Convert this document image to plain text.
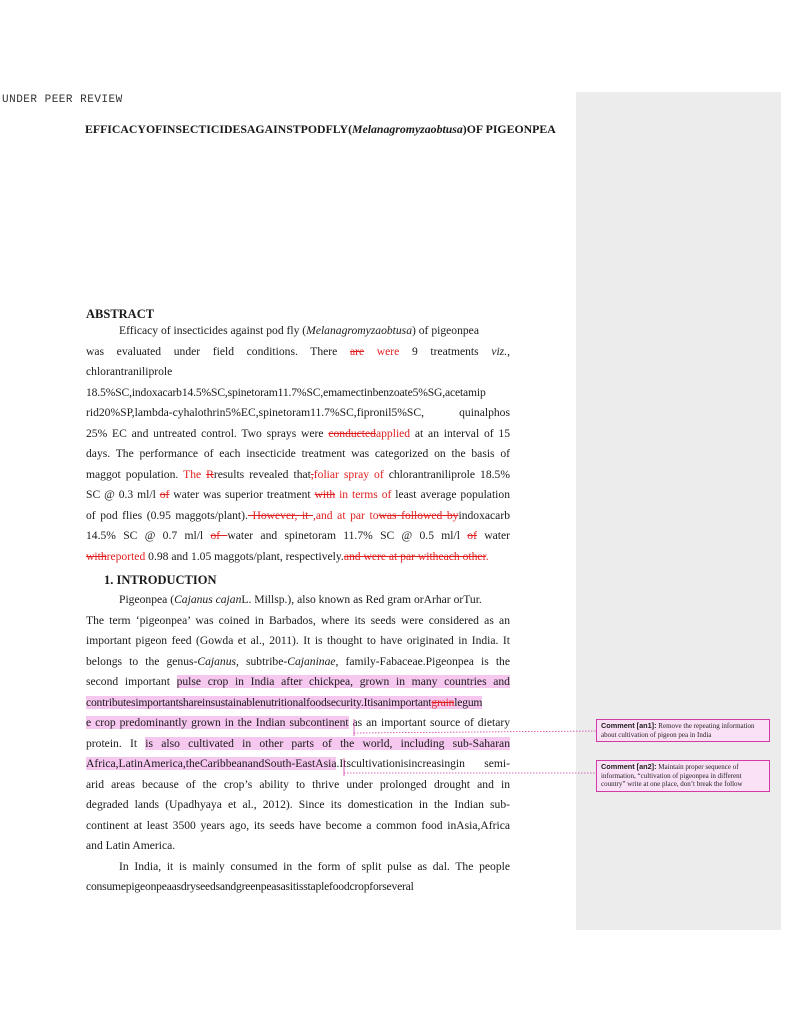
UNDER PEER REVIEW
EFFICACYOFINSECTICIDESAGAINSTPODFLY(Melanagromyzaobtusa)OF PIGEONPEA
ABSTRACT
Efficacy of insecticides against pod fly (Melanagromyzaobtusa) of pigeonpea
was evaluated under field conditions. There are were 9 treatments viz.,
chlorantraniliprole
18.5%SC,indoxacarb14.5%SC,spinetoram11.7%SC,emamectinbenzoate5%SG,acetamip
rid20%SP,lambda-cyhalothrin5%EC,spinetoram11.7%SC,fipronil5%SC,	quinalphos
25% EC and untreated control. Two sprays were conductedapplied at an interval of 15
days. The performance of each insecticide treatment was categorized on the basis of
maggot population. The Rresults revealed that,foliar spray of chlorantraniliprole 18.5%
SC @ 0.3 ml/l of water was superior treatment with in terms of least average population
of pod flies (0.95 maggots/plant). However, it ,and at par towas followed byindoxacarb
14.5% SC @ 0.7 ml/l of water and spinetoram 11.7% SC @ 0.5 ml/l of water
withreported 0.98 and 1.05 maggots/plant, respectively.and were at par witheach other.
1. INTRODUCTION
Pigeonpea (Cajanus cajanL. Millsp.), also known as Red gram orArhar orTur.
The term ‘pigeonpea’ was coined in Barbados, where its seeds were considered as an
important pigeon feed (Gowda et al., 2011). It is thought to have originated in India. It
belongs to the genus-Cajanus, subtribe-Cajaninae, family-Fabaceae.Pigeonpea is the
second important pulse crop in India after chickpea, grown in many countries and
contributesimportantshareinsustainablenutritionalfoodsecurity.Itisanimportantgrainlegum
e crop predominantly grown in the Indian subcontinent as an important source of dietary
protein. It is also cultivated in other parts of the world, including sub-Saharan
Africa,LatinAmerica,theCaribbeanandSouth-EastAsia.Itscultivationisincreasingin semi-
arid areas because of the crop’s ability to thrive under prolonged drought and in
degraded lands (Upadhyaya et al., 2012). Since its domestication in the Indian sub-
continent at least 3500 years ago, its seeds have become a common food inAsia,Africa
and Latin America.
In India, it is mainly consumed in the form of split pulse as dal. The people
consumepigeonpeaasdryseedsandgreenpeasasitisstaplefoodcropforseveral
Comment [an1]: Remove the repeating information about cultivation of pigeon pea in India
Comment [an2]: Maintain proper sequence of information, “cultivation of pigeonpea in different country” write at one place, don’t break the follow
